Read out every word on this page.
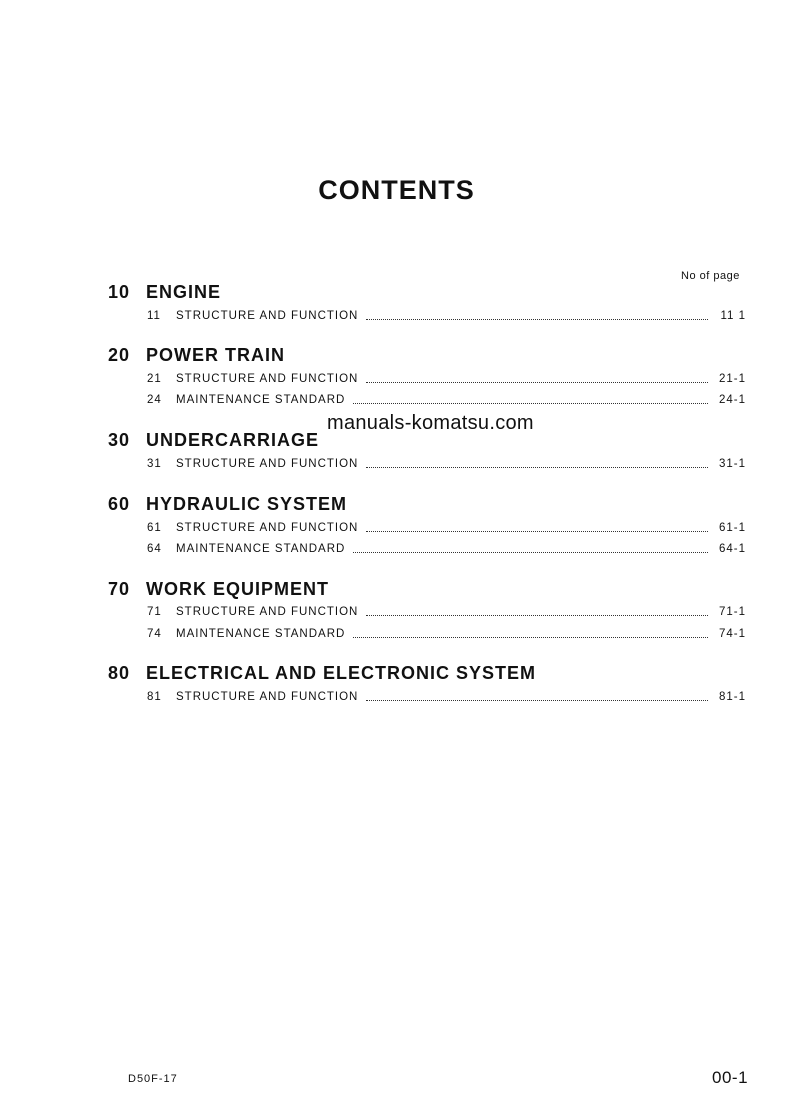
CONTENTS
No of page
10 ENGINE
11	STRUCTURE AND FUNCTION	11 1
20 POWER TRAIN
21	STRUCTURE AND FUNCTION	21-1
24	MAINTENANCE STANDARD	24-1
manuals-komatsu.com
30 UNDERCARRIAGE
31	STRUCTURE AND FUNCTION	31-1
60 HYDRAULIC SYSTEM
61	STRUCTURE AND FUNCTION	61-1
64	MAINTENANCE STANDARD	64-1
70 WORK EQUIPMENT
71	STRUCTURE AND FUNCTION	71-1
74	MAINTENANCE STANDARD	74-1
80 ELECTRICAL AND ELECTRONIC SYSTEM
81	STRUCTURE AND FUNCTION	81-1
D50F-17	00-1
